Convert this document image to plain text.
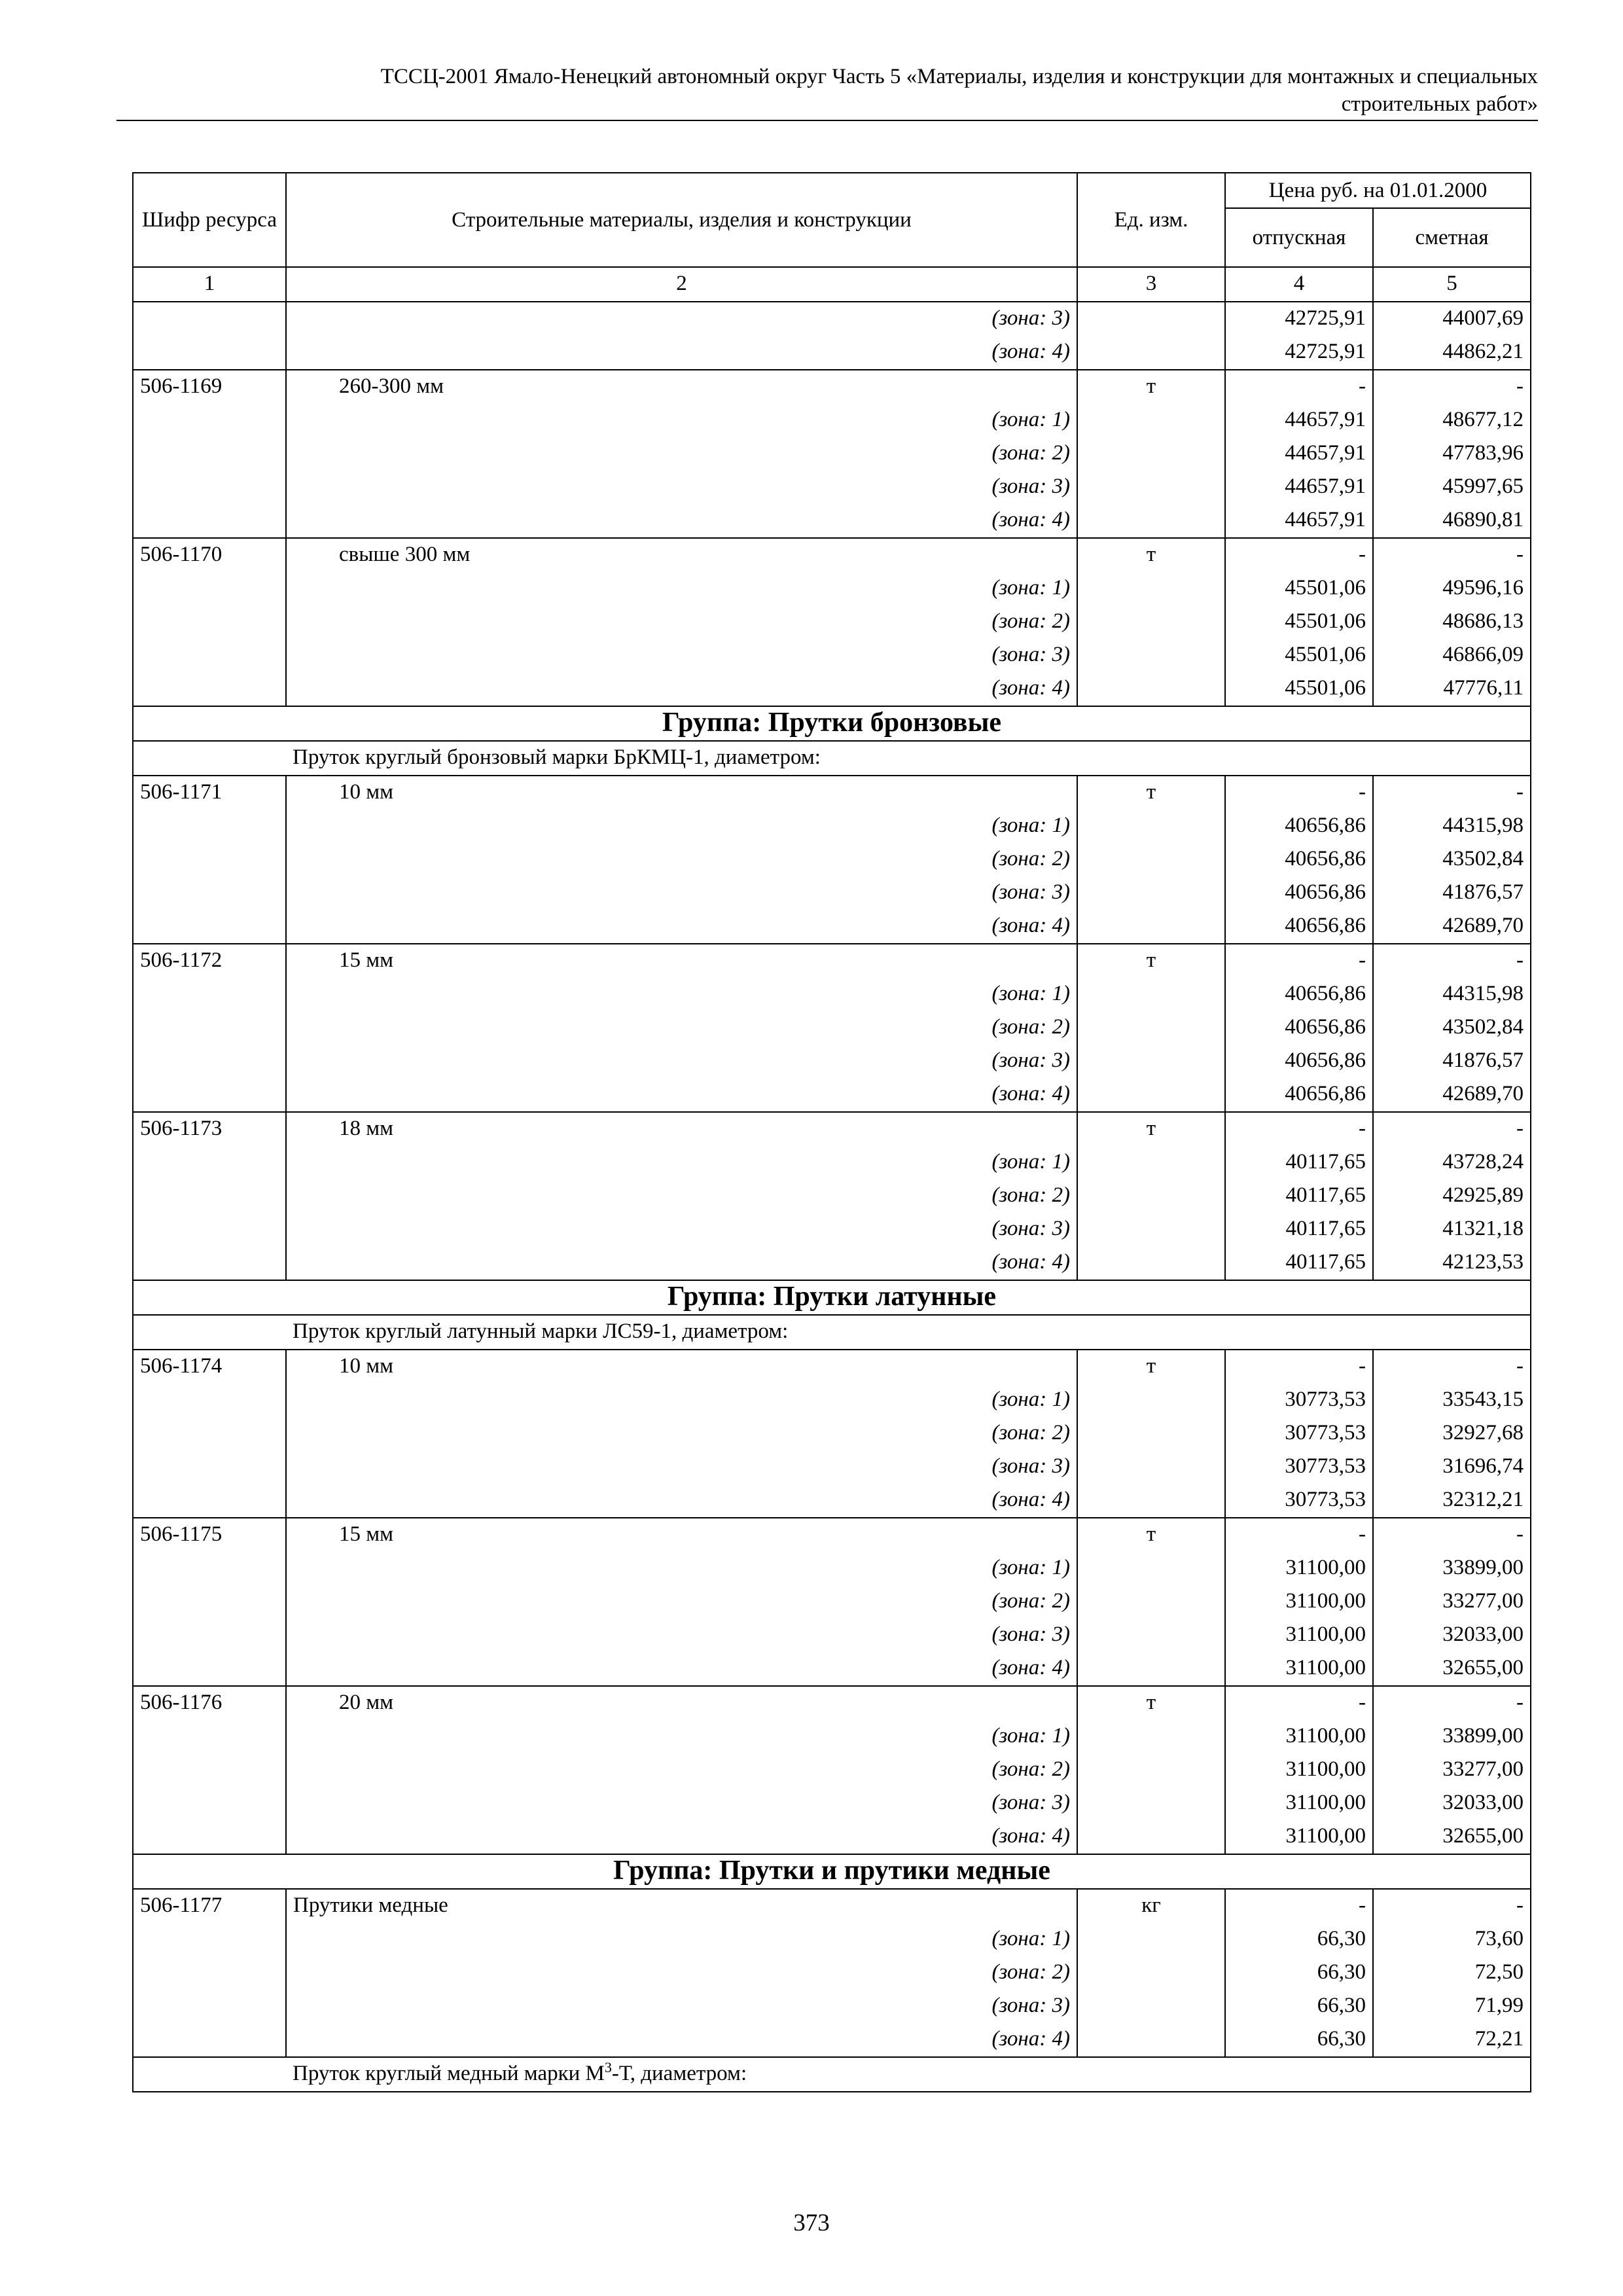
ТССЦ-2001 Ямало-Ненецкий автономный округ Часть 5 «Материалы, изделия и конструкции для монтажных и специальных
строительных работ»
Шифр ресурса	Строительные материалы, изделия и конструкции	Ед. изм.	Цена руб. на 01.01.2000	
			отпускная	сметная
1	2	3	4	5
	(зона: 3)		42725,91	44007,69
	(зона: 4)		42725,91	44862,21
506-1169	260-300 мм	т	-	-
	(зона: 1)		44657,91	48677,12
	(зона: 2)		44657,91	47783,96
	(зона: 3)		44657,91	45997,65
	(зона: 4)		44657,91	46890,81
506-1170	свыше 300 мм	т	-	-
	(зона: 1)		45501,06	49596,16
	(зона: 2)		45501,06	48686,13
	(зона: 3)		45501,06	46866,09
	(зона: 4)		45501,06	47776,11
Группа: Прутки бронзовые				
	Пруток круглый бронзовый марки БрКМЦ-1, диаметром:			
506-1171	10 мм	т	-	-
	(зона: 1)		40656,86	44315,98
	(зона: 2)		40656,86	43502,84
	(зона: 3)		40656,86	41876,57
	(зона: 4)		40656,86	42689,70
506-1172	15 мм	т	-	-
	(зона: 1)		40656,86	44315,98
	(зона: 2)		40656,86	43502,84
	(зона: 3)		40656,86	41876,57
	(зона: 4)		40656,86	42689,70
506-1173	18 мм	т	-	-
	(зона: 1)		40117,65	43728,24
	(зона: 2)		40117,65	42925,89
	(зона: 3)		40117,65	41321,18
	(зона: 4)		40117,65	42123,53
Группа: Прутки латунные				
	Пруток круглый латунный марки ЛС59-1, диаметром:			
506-1174	10 мм	т	-	-
	(зона: 1)		30773,53	33543,15
	(зона: 2)		30773,53	32927,68
	(зона: 3)		30773,53	31696,74
	(зона: 4)		30773,53	32312,21
506-1175	15 мм	т	-	-
	(зона: 1)		31100,00	33899,00
	(зона: 2)		31100,00	33277,00
	(зона: 3)		31100,00	32033,00
	(зона: 4)		31100,00	32655,00
506-1176	20 мм	т	-	-
	(зона: 1)		31100,00	33899,00
	(зона: 2)		31100,00	33277,00
	(зона: 3)		31100,00	32033,00
	(зона: 4)		31100,00	32655,00
Группа: Прутки и прутики медные				
506-1177	Прутики медные	кг	-	-
	(зона: 1)		66,30	73,60
	(зона: 2)		66,30	72,50
	(зона: 3)		66,30	71,99
	(зона: 4)		66,30	72,21
	Пруток круглый медный марки $М^3-Т$, диаметром:			
373
